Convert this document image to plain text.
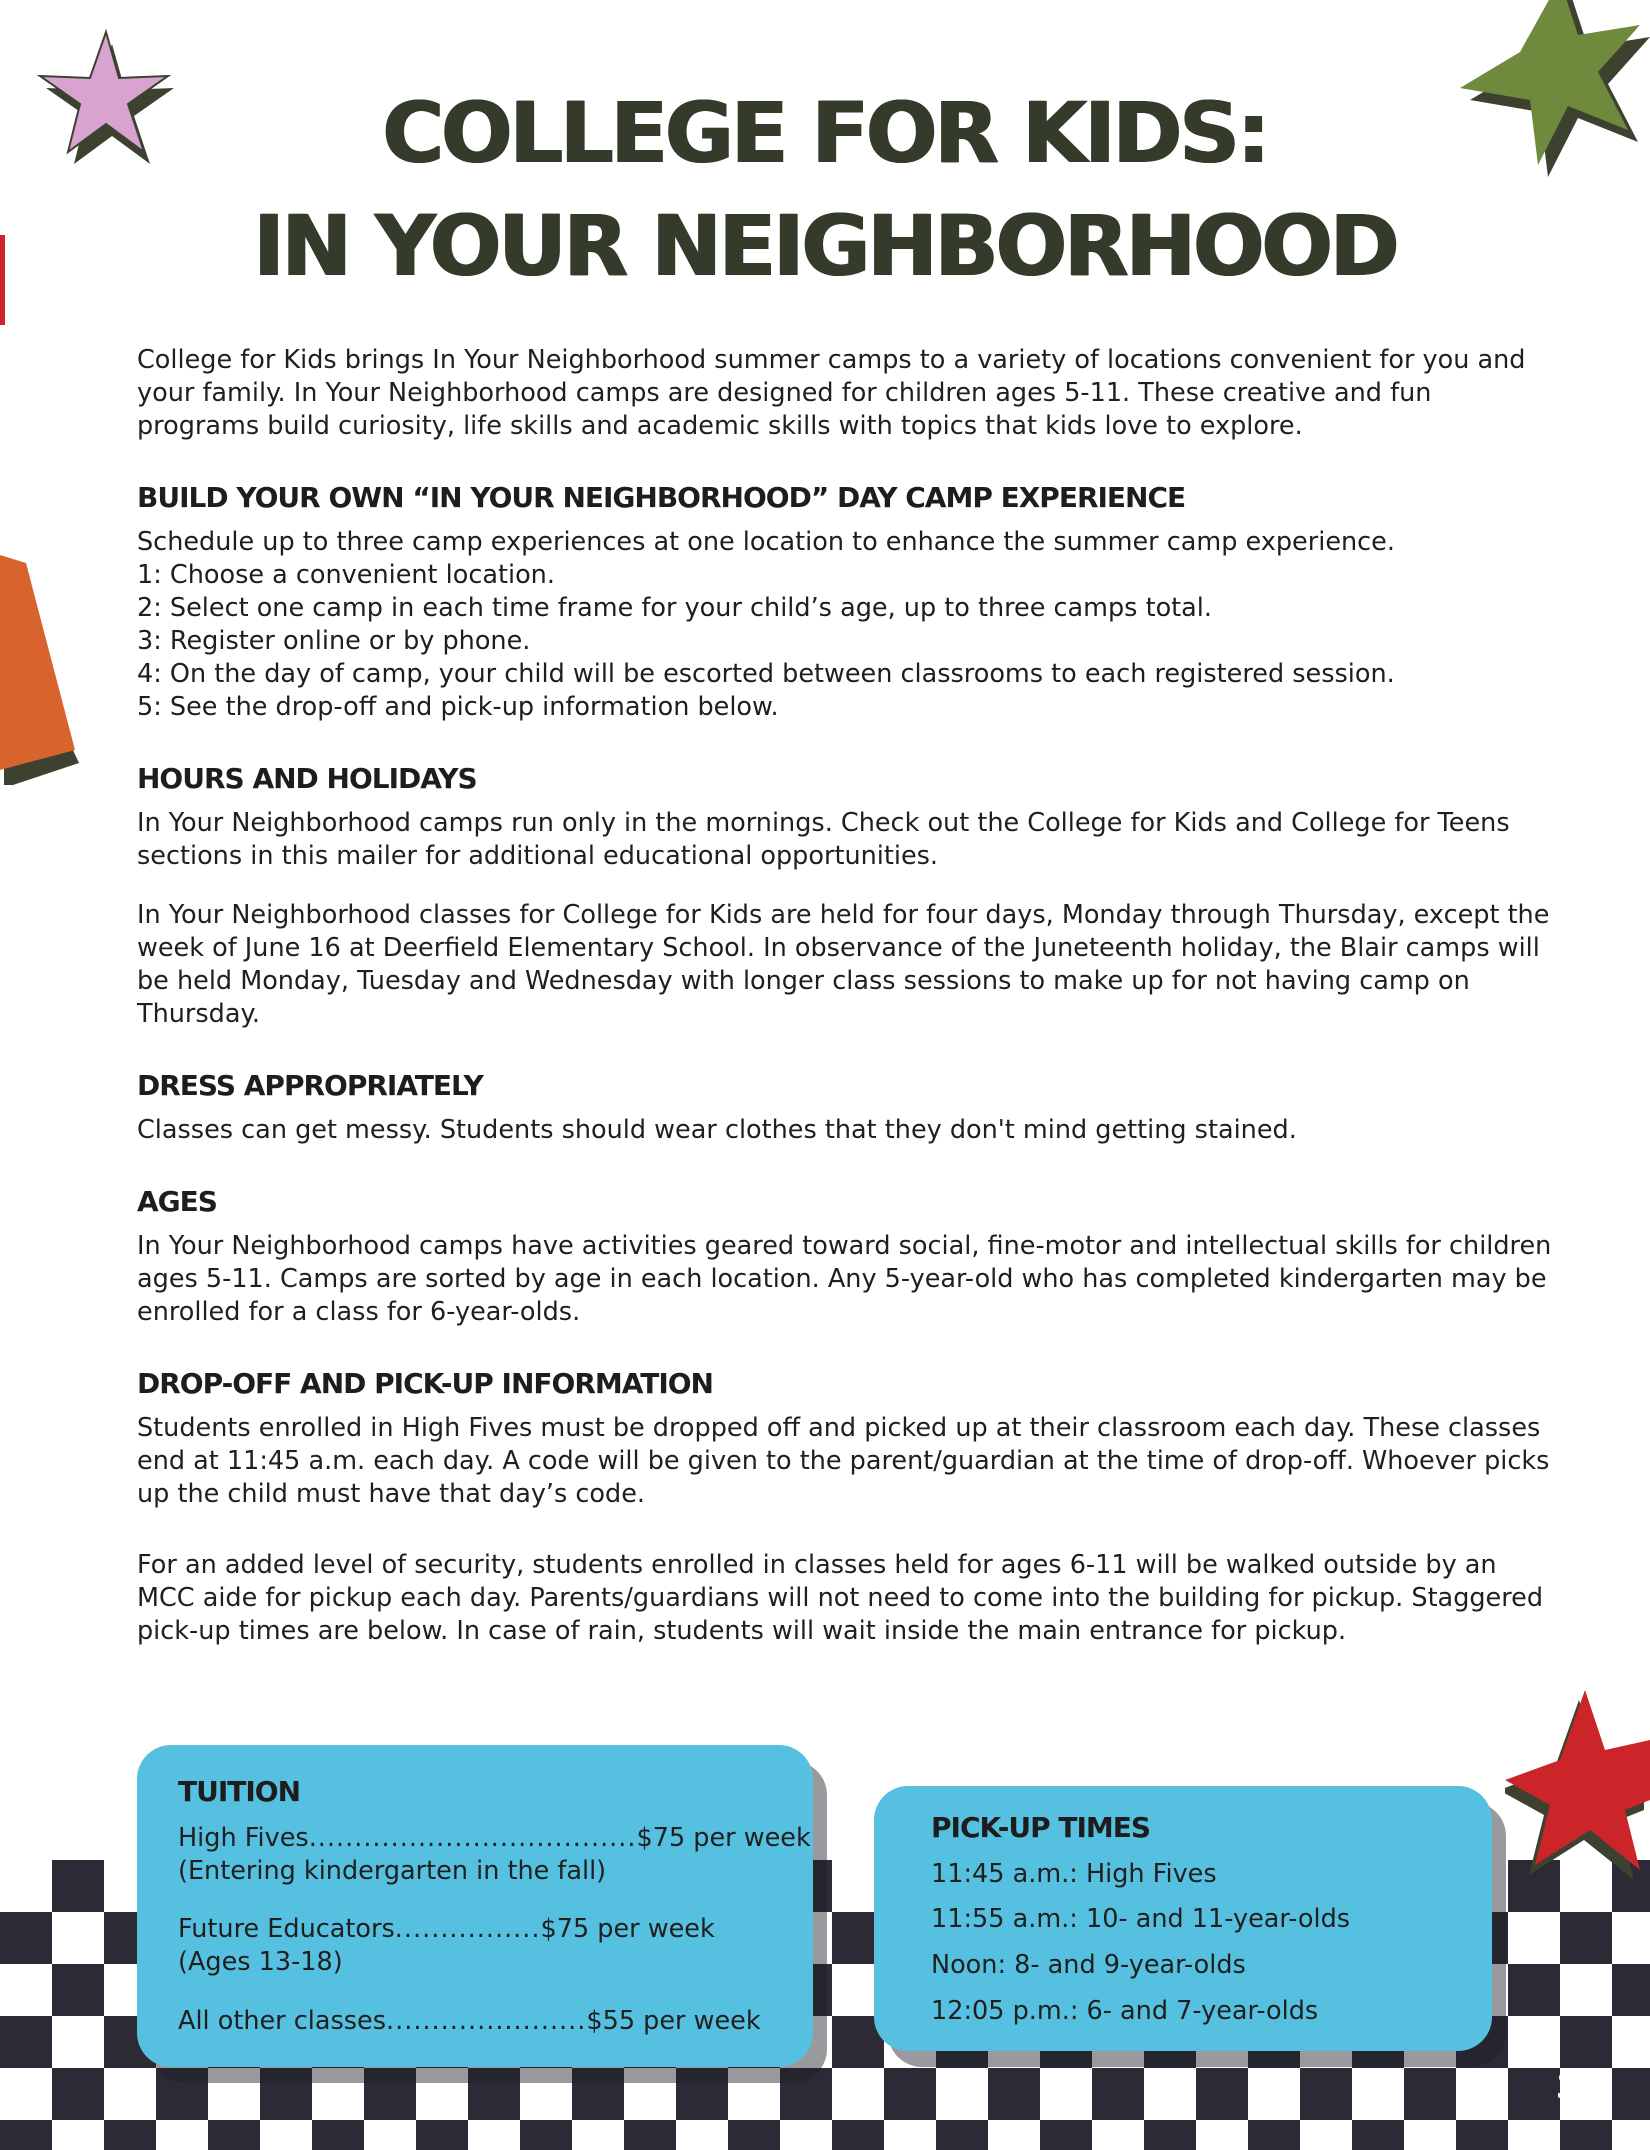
COLLEGE FOR KIDS:
IN YOUR NEIGHBORHOOD

College for Kids brings In Your Neighborhood summer camps to a variety of locations convenient for you and your family. In Your Neighborhood camps are designed for children ages 5-11. These creative and fun programs build curiosity, life skills and academic skills with topics that kids love to explore.

BUILD YOUR OWN “IN YOUR NEIGHBORHOOD” DAY CAMP EXPERIENCE

Schedule up to three camp experiences at one location to enhance the summer camp experience.

1: Choose a convenient location.

2: Select one camp in each time frame for your child’s age, up to three camps total.

3: Register online or by phone.

4: On the day of camp, your child will be escorted between classrooms to each registered session.

5: See the drop-off and pick-up information below.

HOURS AND HOLIDAYS

In Your Neighborhood camps run only in the mornings. Check out the College for Kids and College for Teens sections in this mailer for additional educational opportunities.

In Your Neighborhood classes for College for Kids are held for four days, Monday through Thursday, except the week of June 16 at Deerfield Elementary School. In observance of the Juneteenth holiday, the Blair camps will be held Monday, Tuesday and Wednesday with longer class sessions to make up for not having camp on Thursday.

DRESS APPROPRIATELY

Classes can get messy. Students should wear clothes that they don't mind getting stained.

AGES

In Your Neighborhood camps have activities geared toward social, fine-motor and intellectual skills for children ages 5-11. Camps are sorted by age in each location. Any 5-year-old who has completed kindergarten may be enrolled for a class for 6-year-olds.

DROP-OFF AND PICK-UP INFORMATION

Students enrolled in High Fives must be dropped off and picked up at their classroom each day. These classes end at 11:45 a.m. each day. A code will be given to the parent/guardian at the time of drop-off. Whoever picks up the child must have that day’s code.

For an added level of security, students enrolled in classes held for ages 6-11 will be walked outside by an MCC aide for pickup each day. Parents/guardians will not need to come into the building for pickup. Staggered pick-up times are below. In case of rain, students will wait inside the main entrance for pickup.

TUITION
High Fives....................................$75 per week
(Entering kindergarten in the fall)
Future Educators................$75 per week
(Ages 13-18)
All other classes......................$55 per week
PICK-UP TIMES
11:45 a.m.: High Fives
11:55 a.m.: 10- and 11-year-olds
Noon: 8- and 9-year-olds
12:05 p.m.: 6- and 7-year-olds
3
